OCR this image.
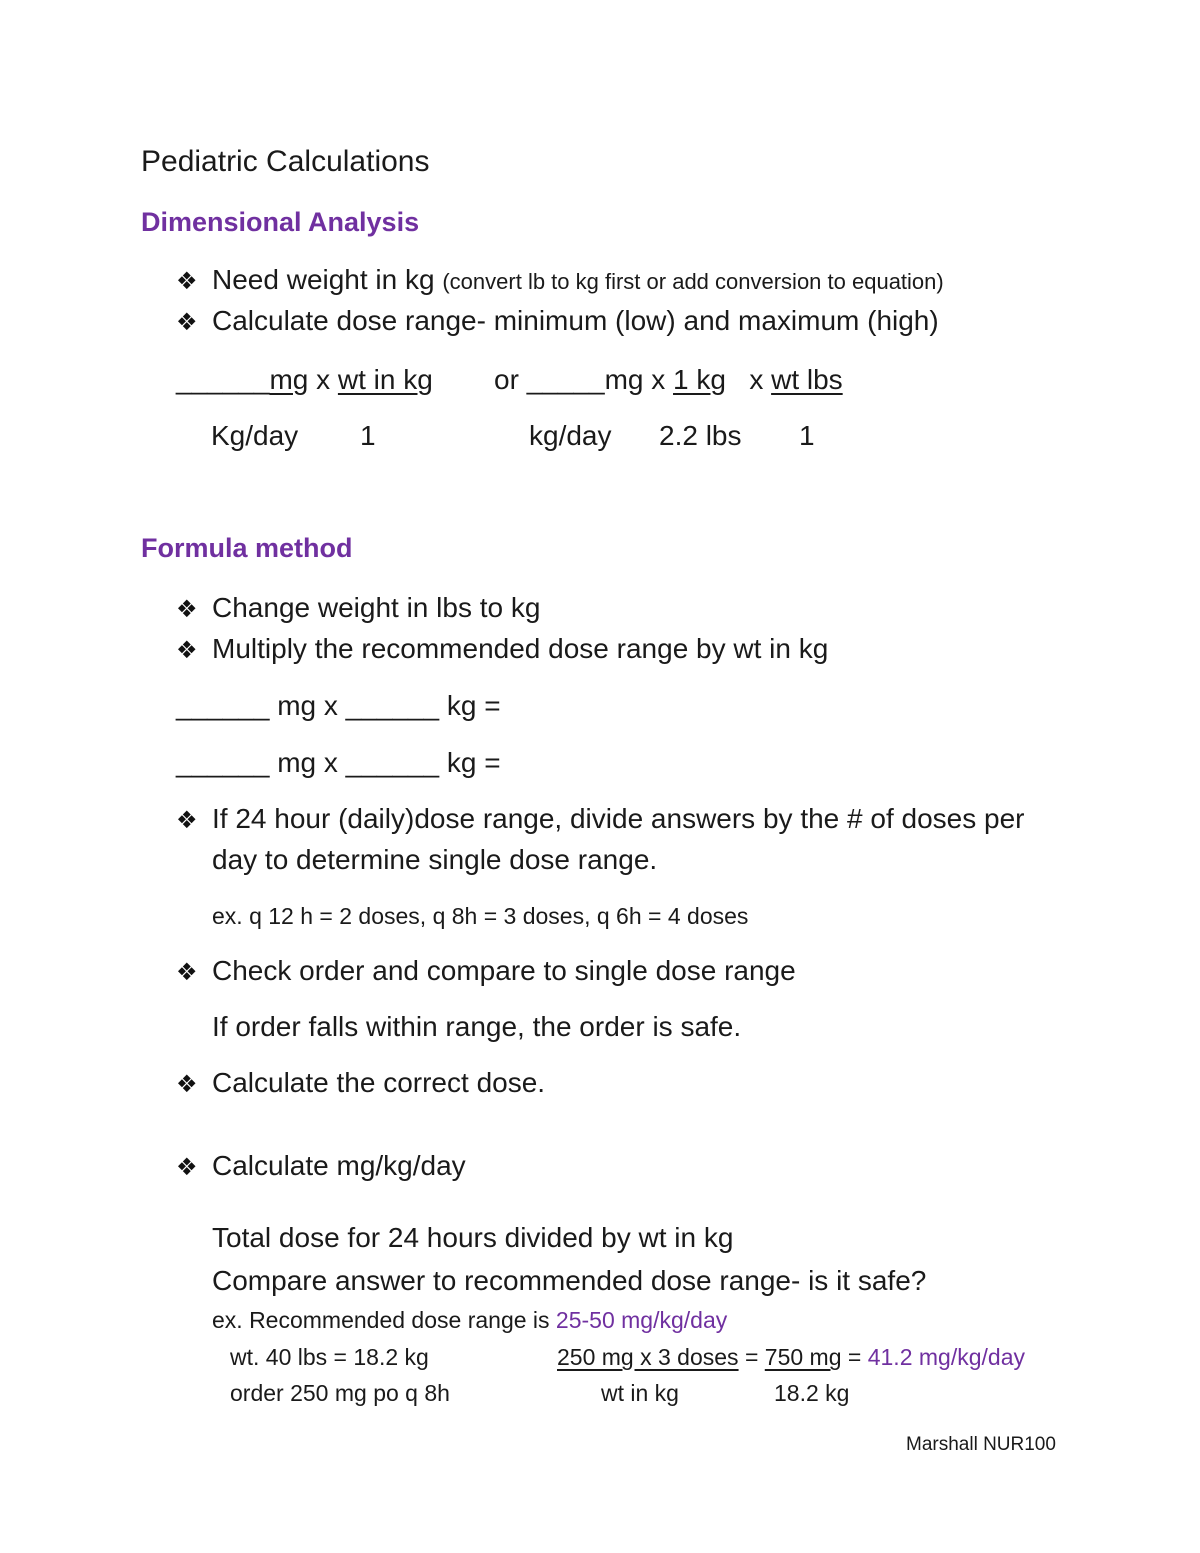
Pediatric Calculations
Dimensional Analysis
❖ Need weight in kg (convert lb to kg first or add conversion to equation)
❖ Calculate dose range- minimum (low) and maximum (high)
______mg x wt in kg or _____mg x 1 kg x wt lbs
Kg/day 1	kg/day 2.2 lbs 1
Formula method
❖ Change weight in lbs to kg
❖ Multiply the recommended dose range by wt in kg
______ mg x ______ kg =
______ mg x ______ kg =
❖ If 24 hour (daily)dose range, divide answers by the # of doses per
day to determine single dose range.
ex. q 12 h = 2 doses, q 8h = 3 doses, q 6h = 4 doses
❖ Check order and compare to single dose range
If order falls within range, the order is safe.
❖ Calculate the correct dose.
❖ Calculate mg/kg/day
Total dose for 24 hours divided by wt in kg
Compare answer to recommended dose range- is it safe?
ex. Recommended dose range is 25-50 mg/kg/day
wt. 40 lbs = 18.2 kg
order 250 mg po q 8h
250 mg x 3 doses = 750 mg = 41.2 mg/kg/day
wt in kg	18.2 kg
Marshall NUR100
